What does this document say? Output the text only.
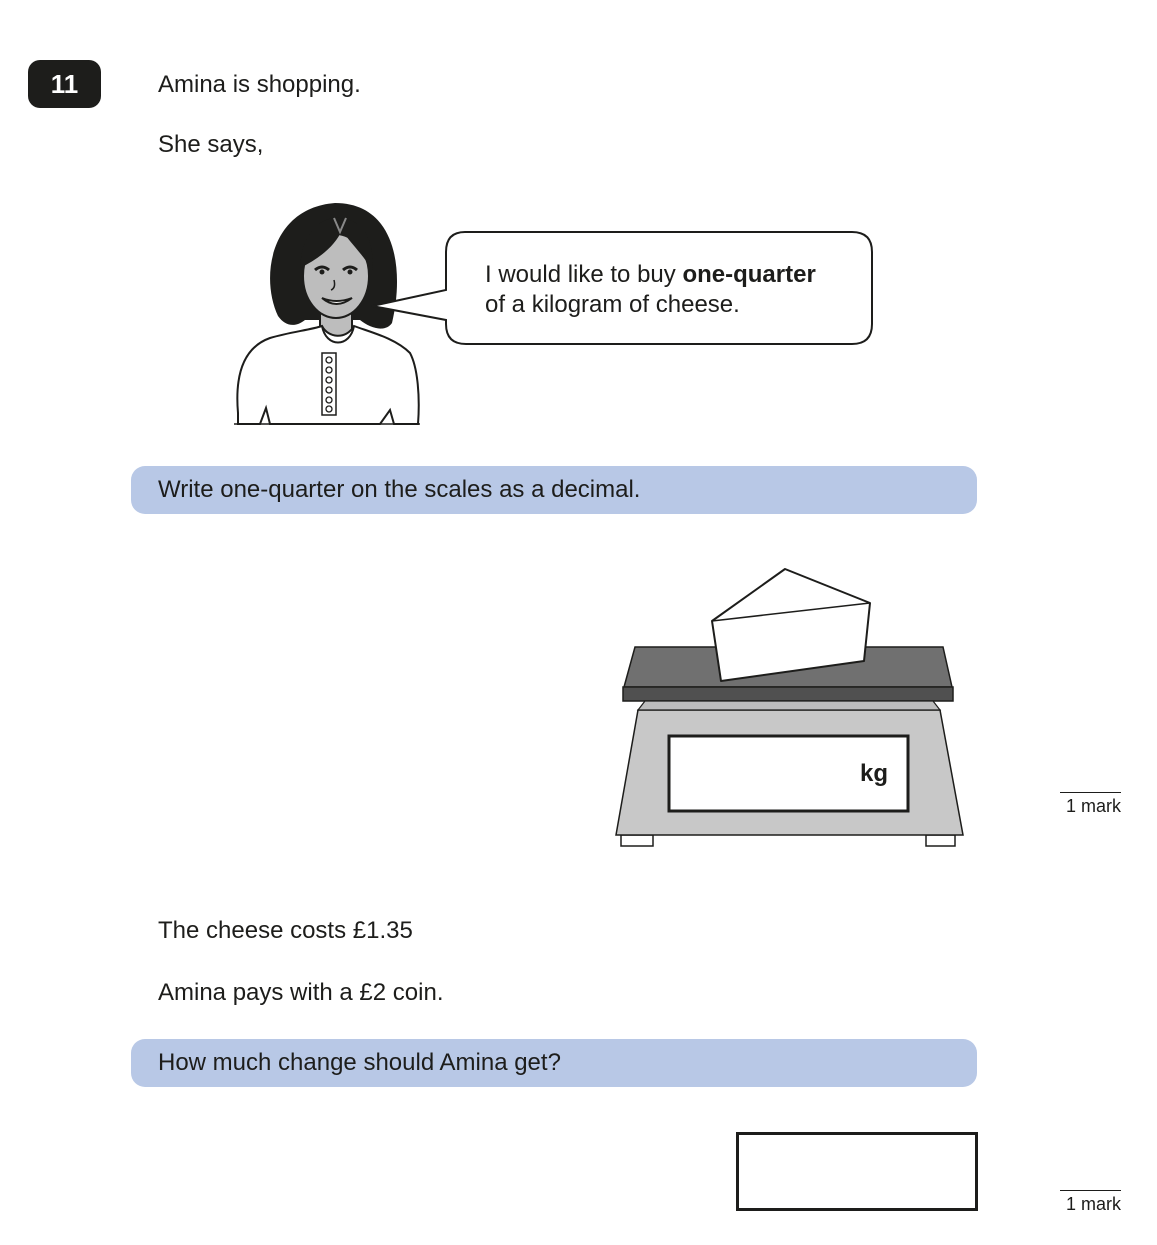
11	Amina is shopping.
She says,
I would like to buy one-quarter
of a kilogram of cheese.
Write one-quarter on the scales as a decimal.
kg
1 mark
The cheese costs £1.35
Amina pays with a £2 coin.
How much change should Amina get?
1 mark
